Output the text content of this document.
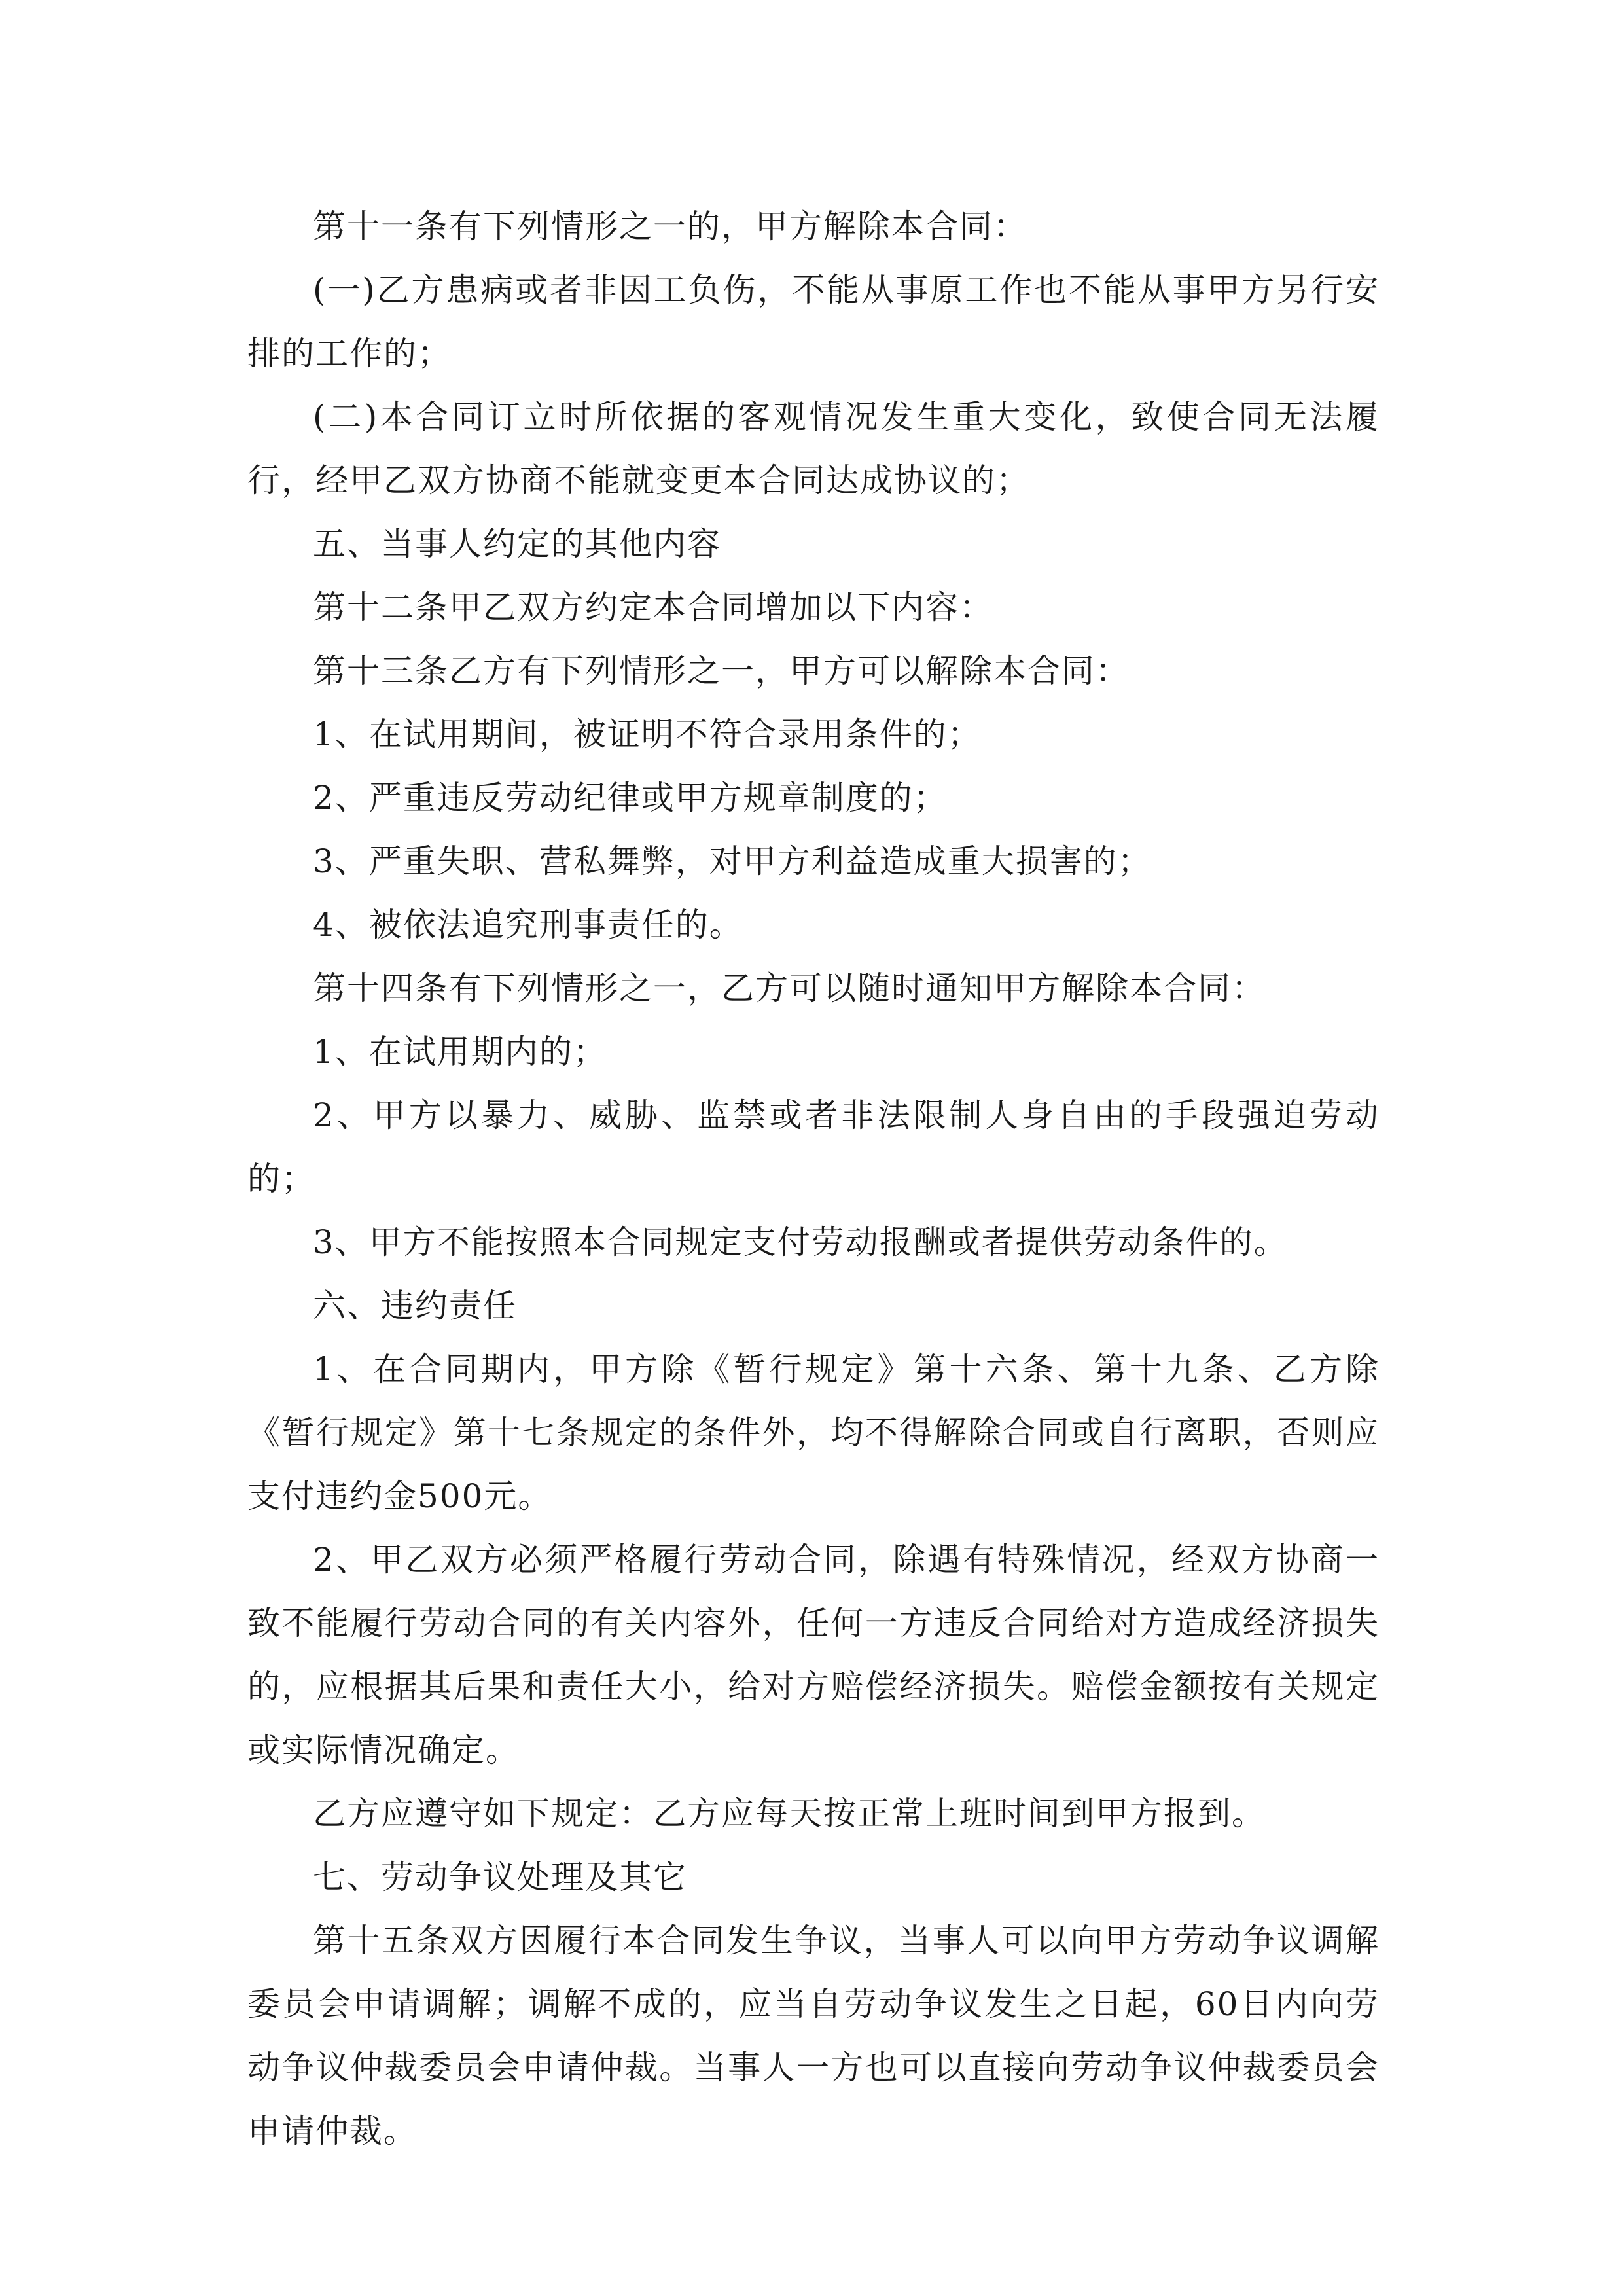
第十一条有下列情形之一的，甲方解除本合同：

(一)乙方患病或者非因工负伤，不能从事原工作也不能从事甲方另行安排的工作的；

(二)本合同订立时所依据的客观情况发生重大变化，致使合同无法履行，经甲乙双方协商不能就变更本合同达成协议的；

五、当事人约定的其他内容

第十二条甲乙双方约定本合同增加以下内容：

第十三条乙方有下列情形之一，甲方可以解除本合同：

1、在试用期间，被证明不符合录用条件的；

2、严重违反劳动纪律或甲方规章制度的；

3、严重失职、营私舞弊，对甲方利益造成重大损害的；

4、被依法追究刑事责任的。

第十四条有下列情形之一，乙方可以随时通知甲方解除本合同：

1、在试用期内的；

2、甲方以暴力、威胁、监禁或者非法限制人身自由的手段强迫劳动的；

3、甲方不能按照本合同规定支付劳动报酬或者提供劳动条件的。

六、违约责任

1、在合同期内，甲方除《暂行规定》第十六条、第十九条、乙方除《暂行规定》第十七条规定的条件外，均不得解除合同或自行离职，否则应支付违约金500元。

2、甲乙双方必须严格履行劳动合同，除遇有特殊情况，经双方协商一致不能履行劳动合同的有关内容外，任何一方违反合同给对方造成经济损失的，应根据其后果和责任大小，给对方赔偿经济损失。赔偿金额按有关规定或实际情况确定。

乙方应遵守如下规定：乙方应每天按正常上班时间到甲方报到。

七、劳动争议处理及其它

第十五条双方因履行本合同发生争议，当事人可以向甲方劳动争议调解委员会申请调解；调解不成的，应当自劳动争议发生之日起，60日内向劳动争议仲裁委员会申请仲裁。当事人一方也可以直接向劳动争议仲裁委员会申请仲裁。
